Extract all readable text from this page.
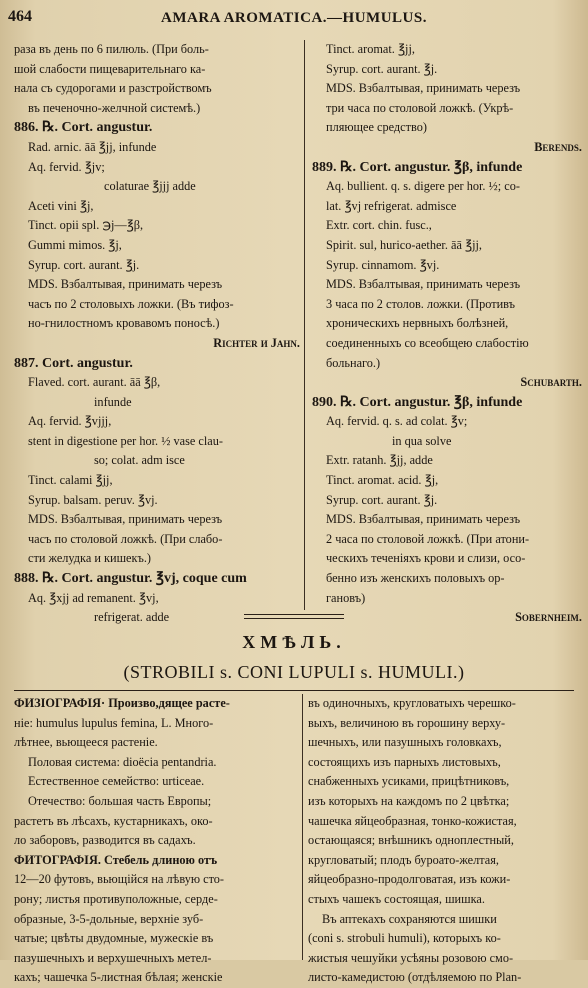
464	AMARA AROMATICA.—HUMULUS.
раза въ день по 6 пилюль. (При боль-
шой слабости пищеварительнаго ка-
нала съ судорогами и разстройствомъ
въ печеночно-желчной системѣ.)
886. ℞. Cort. angustur.
Rad. arnic. āā ℥jj, infunde
Aq. fervid. ℥jv;
colaturae ℥jjj adde
Aceti vini ℥j,
Tinct. opii spl. ℈j—℥β,
Gummi mimos. ℥j,
Syrup. cort. aurant. ℥j.
MDS. Взбалтывая, принимать черезъ
часъ по 2 столовыхъ ложки. (Въ тифоз-
но-гнилостномъ кровавомъ поносѣ.)
Richter и Jahn.
887. Cort. angustur.
Flaved. cort. aurant. āā ℥β,
infunde
Aq. fervid. ℥vjjj,
stent in digestione per hor. ½ vase clau-
so; colat. adm isce
Tinct. calami ℥jj,
Syrup. balsam. peruv. ℥vj.
MDS. Взбалтывая, принимать черезъ
часъ по столовой ложкѣ. (При слабо-
сти желудка и кишекъ.)
888. ℞. Cort. angustur. ℥vj, coque cum
Aq. ℥xjj ad remanent. ℥vj,
refrigerat. adde
Tinct. aromat. ℥jj,
Syrup. cort. aurant. ℥j.
MDS. Взбалтывая, принимать черезъ
три часа по столовой ложкѣ. (Укрѣ-
пляющее средство)
Berends.
889. ℞. Cort. angustur. ℥β, infunde
Aq. bullient. q. s. digere per hor. ½; co-
lat. ℥vj refrigerat. admisce
Extr. cort. chin. fusc.,
Spirit. sul, hurico-aether. āā ℥jj,
Syrup. cinnamom. ℥vj.
MDS. Взбалтывая, принимать черезъ
3 часа по 2 столов. ложки. (Противъ
хроническихъ нервныхъ болѣзней,
соединенныхъ со всеобщею слабостію
больнаго.)
Schubarth.
890. ℞. Cort. angustur. ℥β, infunde
Aq. fervid. q. s. ad colat. ℥v;
in qua solve
Extr. ratanh. ℥jj, adde
Tinct. aromat. acid. ℥j,
Syrup. cort. aurant. ℥j.
MDS. Взбалтывая, принимать черезъ
2 часа по столовой ложкѣ. (При атони-
ческихъ теченіяхъ крови и слизи, осо-
бенно изъ женскихъ половыхъ ор-
гановъ)
Sobernheim.
ХМѢЛЬ.
(STROBILI s. CONI LUPULI s. HUMULI.)
ФИЗІОГРАФІЯ· Произво,дящее расте-
ніе: humulus lupulus femina, L. Много-
лѣтнее, вьющееся растеніе.
Половая система: dioëcia pentandria.
Естественное семейство: urticeae.
Отечество: большая часть Европы;
растетъ въ лѣсахъ, кустарникахъ, око-
ло заборовъ, разводится въ садахъ.
ФИТОГРАФІЯ. Стебель длиною отъ
12—20 футовъ, вьющійся на лѣвую сто-
рону; листья противуположные, серде-
образные, 3-5-дольные, верхніе зуб-
чатые; цвѣты двудомные, мужескіе въ
пазушечныхъ и верхушечныхъ метел-
кахъ; чашечка 5-листная бѣлая; женскіе
въ одиночныхъ, кругловатыхъ черешко-
выхъ, величиною въ горошину верху-
шечныхъ, или пазушныхъ головкахъ,
состоящихъ изъ парныхъ листовыхъ,
снабженныхъ усиками, прицѣтниковъ,
изъ которыхъ на каждомъ по 2 цвѣтка;
чашечка яйцеобразная, тонко-кожистая,
остающаяся; внѣшникъ одноплестный,
кругловатый; плодъ буроато-желтая,
яйцеобразно-продолговатая, изъ кожи-
стыхъ чашекъ состоящая, шишка.
Въ аптекахъ сохраняются шишки
(coni s. strobuli humuli), которыхъ ко-
жистыя чешуйки усѣяны розовою смо-
листо-камедистою (отдѣляемою по Plan-
